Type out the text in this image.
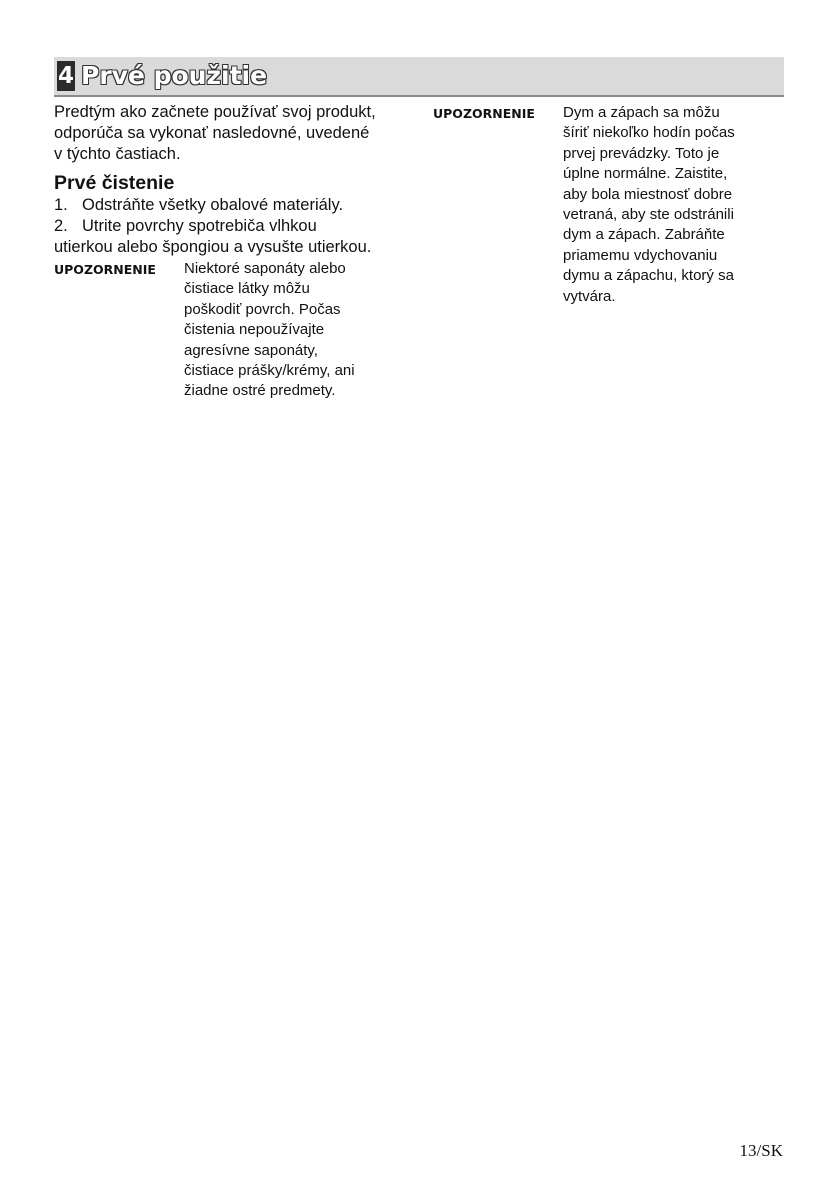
4 Prvé použitie

Predtým ako začnete používať svoj produkt,
odporúča sa vykonať nasledovné, uvedené
v týchto častiach.

Prvé čistenie

1. Odstráňte všetky obalové materiály.

2. Utrite povrchy spotrebiča vlhkou

utierkou alebo špongiou a vysušte utierkou.

UPOZORNENIE Niektoré saponáty alebo
čistiace látky môžu
poškodiť povrch. Počas
čistenia nepoužívajte
agresívne saponáty,
čistiace prášky/krémy, ani
žiadne ostré predmety.
UPOZORNENIE Dym a zápach sa môžu
šíriť niekoľko hodín počas
prvej prevádzky. Toto je
úplne normálne. Zaistite,
aby bola miestnosť dobre
vetraná, aby ste odstránili
dym a zápach. Zabráňte
priamemu vdychovaniu
dymu a zápachu, ktorý sa
vytvára.
13/SK
